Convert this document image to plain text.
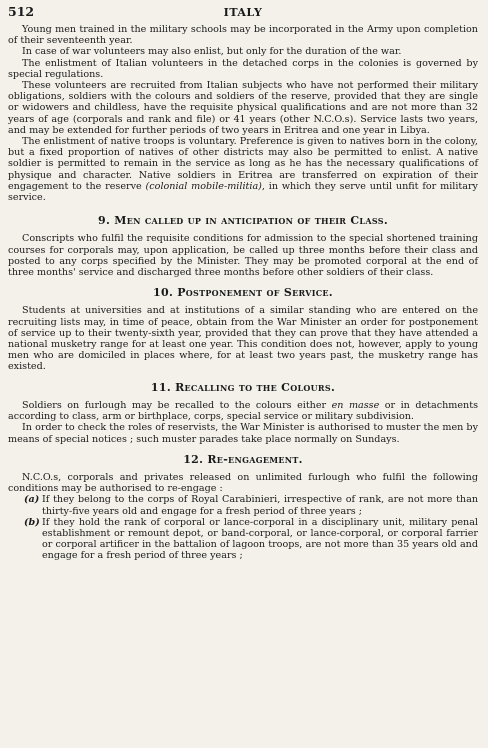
512	ITALY

Young men trained in the military schools may be incorporated in the Army upon completion of their seventeenth year.

In case of war volunteers may also enlist, but only for the duration of the war.

The enlistment of Italian volunteers in the detached corps in the colonies is governed by special regulations.

These volunteers are recruited from Italian subjects who have not performed their military obligations, soldiers with the colours and soldiers of the reserve, provided that they are single or widowers and childless, have the requisite physical qualifications and are not more than 32 years of age (corporals and rank and file) or 41 years (other N.C.O.s). Service lasts two years, and may be extended for further periods of two years in Eritrea and one year in Libya.

The enlistment of native troops is voluntary. Preference is given to natives born in the colony, but a fixed proportion of natives of other districts may also be permitted to enlist. A native soldier is permitted to remain in the service as long as he has the necessary qualifications of physique and character. Native soldiers in Eritrea are transferred on expiration of their engagement to the reserve (colonial mobile-militia), in which they serve until unfit for military service.

9. Men called up in anticipation of their Class.

Conscripts who fulfil the requisite conditions for admission to the special shortened training courses for corporals may, upon application, be called up three months before their class and posted to any corps specified by the Minister. They may be promoted corporal at the end of three months' service and discharged three months before other soldiers of their class.

10. Postponement of Service.

Students at universities and at institutions of a similar standing who are entered on the recruiting lists may, in time of peace, obtain from the War Minister an order for postponement of service up to their twenty-sixth year, provided that they can prove that they have attended a national musketry range for at least one year. This condition does not, however, apply to young men who are domiciled in places where, for at least two years past, the musketry range has existed.

11. Recalling to the Colours.

Soldiers on furlough may be recalled to the colours either en masse or in detachments according to class, arm or birthplace, corps, special service or military subdivision.

In order to check the roles of reservists, the War Minister is authorised to muster the men by means of special notices ; such muster parades take place normally on Sundays.

12. Re-engagement.

N.C.O.s, corporals and privates released on unlimited furlough who fulfil the following conditions may be authorised to re-engage :

(a) If they belong to the corps of Royal Carabinieri, irrespective of rank, are not more than thirty-five years old and engage for a fresh period of three years ;
(b) If they hold the rank of corporal or lance-corporal in a disciplinary unit, military penal establishment or remount depot, or band-corporal, or lance-corporal, or corporal farrier or corporal artificer in the battalion of lagoon troops, are not more than 35 years old and engage for a fresh period of three years ;
